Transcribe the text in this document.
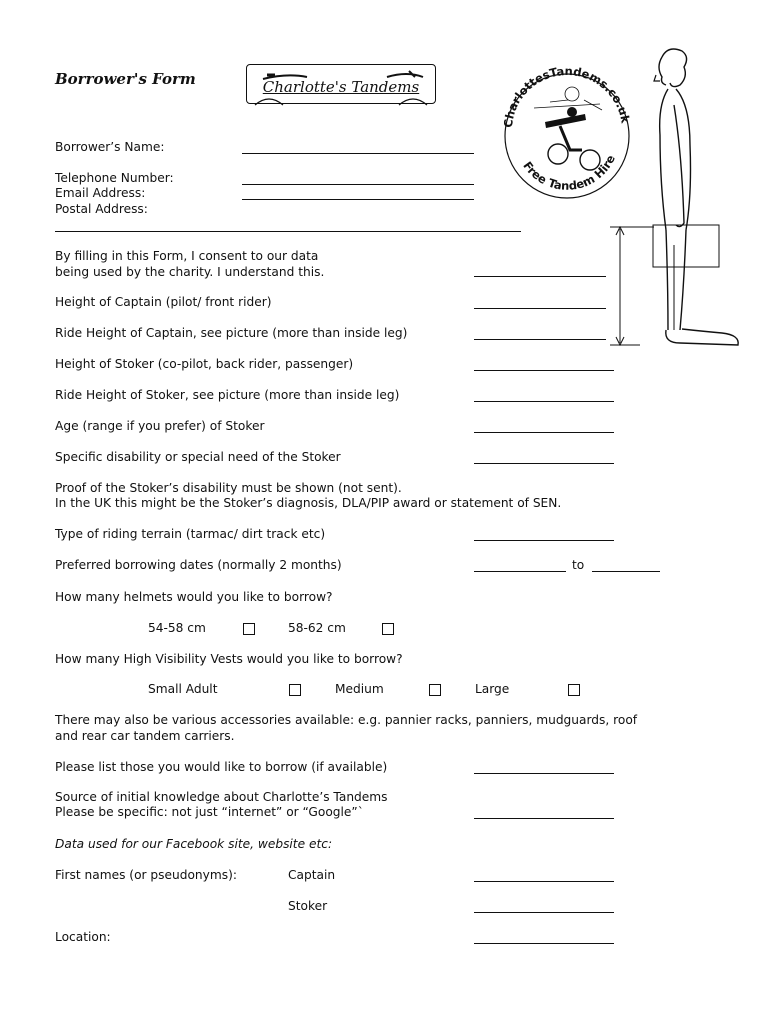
Borrower's Form	Charlotte's Tandems
CharlottesTandems.co.uk
Free Tandem Hire
Borrower’s Name:
Telephone Number:
Email Address:
Postal Address:
By filling in this Form, I consent to our data
being used by the charity. I understand this.
Height of Captain (pilot/ front rider)
Ride Height of Captain, see picture (more than inside leg)
Height of Stoker (co-pilot, back rider, passenger)
Ride Height of Stoker, see picture (more than inside leg)
Age (range if you prefer) of Stoker
Specific disability or special need of the Stoker
Proof of the Stoker’s disability must be shown (not sent).
In the UK this might be the Stoker’s diagnosis, DLA/PIP award or statement of SEN.
Type of riding terrain (tarmac/ dirt track etc)
Preferred borrowing dates (normally 2 months)	to
How many helmets would you like to borrow?
54-58 cm	58-62 cm
How many High Visibility Vests would you like to borrow?
Small Adult	Medium	Large
There may also be various accessories available: e.g. pannier racks, panniers, mudguards, roof
and rear car tandem carriers.
Please list those you would like to borrow (if available)
Source of initial knowledge about Charlotte’s Tandems
Please be specific: not just “internet” or “Google”`
Data used for our Facebook site, website etc:
First names (or pseudonyms):	Captain
Stoker
Location:
